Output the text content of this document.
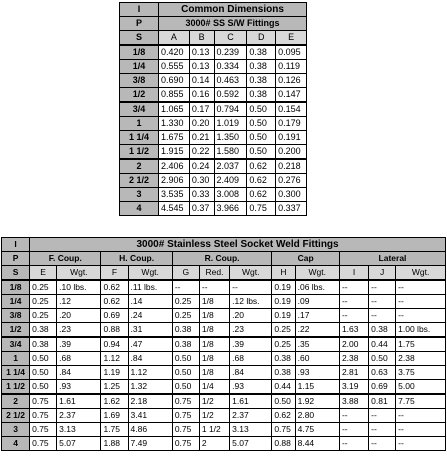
I	Common Dimensions				
P	3000# SS S/W Fittings				
S	A	B	C	D	E
1/8	0.420	0.13	0.239	0.38	0.095
1/4	0.555	0.13	0.334	0.38	0.119
3/8	0.690	0.14	0.463	0.38	0.126
1/2	0.855	0.16	0.592	0.38	0.147
3/4	1.065	0.17	0.794	0.50	0.154
1	1.330	0.20	1.019	0.50	0.179
1 1/4	1.675	0.21	1.350	0.50	0.191
1 1/2	1.915	0.22	1.580	0.50	0.200
2	2.406	0.24	2.037	0.62	0.218
2 1/2	2.906	0.30	2.409	0.62	0.276
3	3.535	0.33	3.008	0.62	0.300
4	4.545	0.37	3.966	0.75	0.337
I	3000# Stainless Steel Socket Weld Fittings											
P	F. Coup.		H. Coup.		R. Coup.			Cap		Lateral		
S	E	Wgt.	F	Wgt.	G	Red.	Wgt.	H	Wgt.	I	J	Wgt.
1/8	0.25	.10 lbs.	0.62	.11 lbs.	--	--	--	0.19	.06 lbs.	--	--	--
1/4	0.25	.12	0.62	.14	0.25	1/8	.12 lbs.	0.19	.09	--	--	--
3/8	0.25	.20	0.69	.24	0.25	1/8	.20	0.19	.17	--	--	--
1/2	0.38	.23	0.88	.31	0.38	1/8	.23	0.25	.22	1.63	0.38	1.00 lbs.
3/4	0.38	.39	0.94	.47	0.38	1/8	.39	0.25	.35	2.00	0.44	1.75
1	0.50	.68	1.12	.84	0.50	1/8	.68	0.38	.60	2.38	0.50	2.38
1 1/4	0.50	.84	1.19	1.12	0.50	1/8	.84	0.38	.93	2.81	0.63	3.75
1 1/2	0.50	.93	1.25	1.32	0.50	1/4	.93	0.44	1.15	3.19	0.69	5.00
2	0.75	1.61	1.62	2.18	0.75	1/2	1.61	0.50	1.92	3.88	0.81	7.75
2 1/2	0.75	2.37	1.69	3.41	0.75	1/2	2.37	0.62	2.80	--	--	--
3	0.75	3.13	1.75	4.86	0.75	1 1/2	3.13	0.75	4.75	--	--	--
4	0.75	5.07	1.88	7.49	0.75	2	5.07	0.88	8.44	--	--	--
